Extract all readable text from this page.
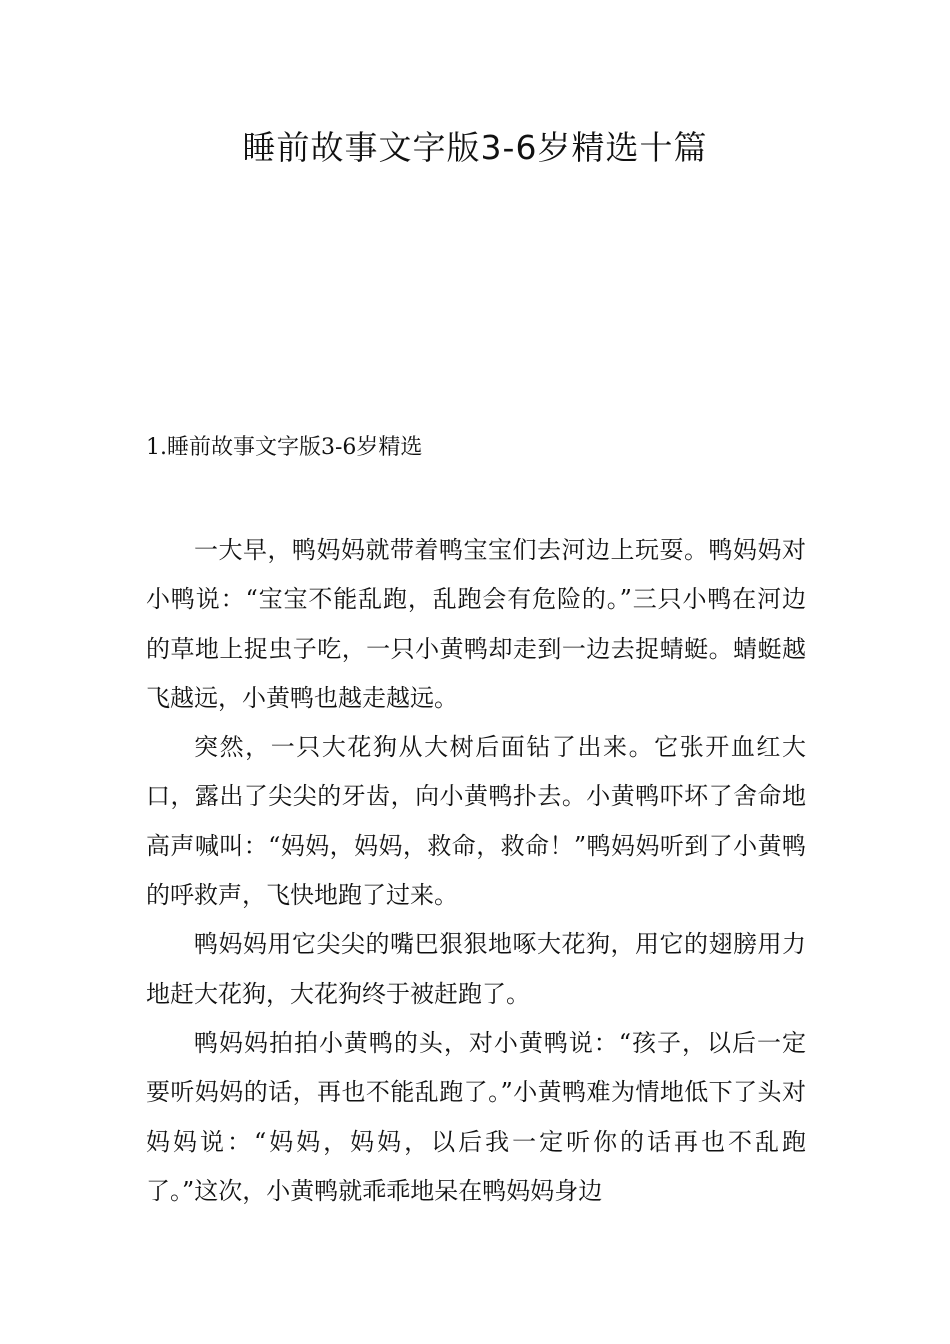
睡前故事文字版3-6岁精选十篇
1.睡前故事文字版3-6岁精选

一大早，鸭妈妈就带着鸭宝宝们去河边上玩耍。鸭妈妈对小鸭说：“宝宝不能乱跑，乱跑会有危险的。”三只小鸭在河边的草地上捉虫子吃，一只小黄鸭却走到一边去捉蜻蜓。蜻蜓越飞越远，小黄鸭也越走越远。

突然，一只大花狗从大树后面钻了出来。它张开血红大口，露出了尖尖的牙齿，向小黄鸭扑去。小黄鸭吓坏了舍命地高声喊叫：“妈妈，妈妈，救命，救命！”鸭妈妈听到了小黄鸭的呼救声，飞快地跑了过来。

鸭妈妈用它尖尖的嘴巴狠狠地啄大花狗，用它的翅膀用力地赶大花狗，大花狗终于被赶跑了。

鸭妈妈拍拍小黄鸭的头，对小黄鸭说：“孩子，以后一定要听妈妈的话，再也不能乱跑了。”小黄鸭难为情地低下了头对妈妈说：“妈妈，妈妈，以后我一定听你的话再也不乱跑了。”这次，小黄鸭就乖乖地呆在鸭妈妈身边
